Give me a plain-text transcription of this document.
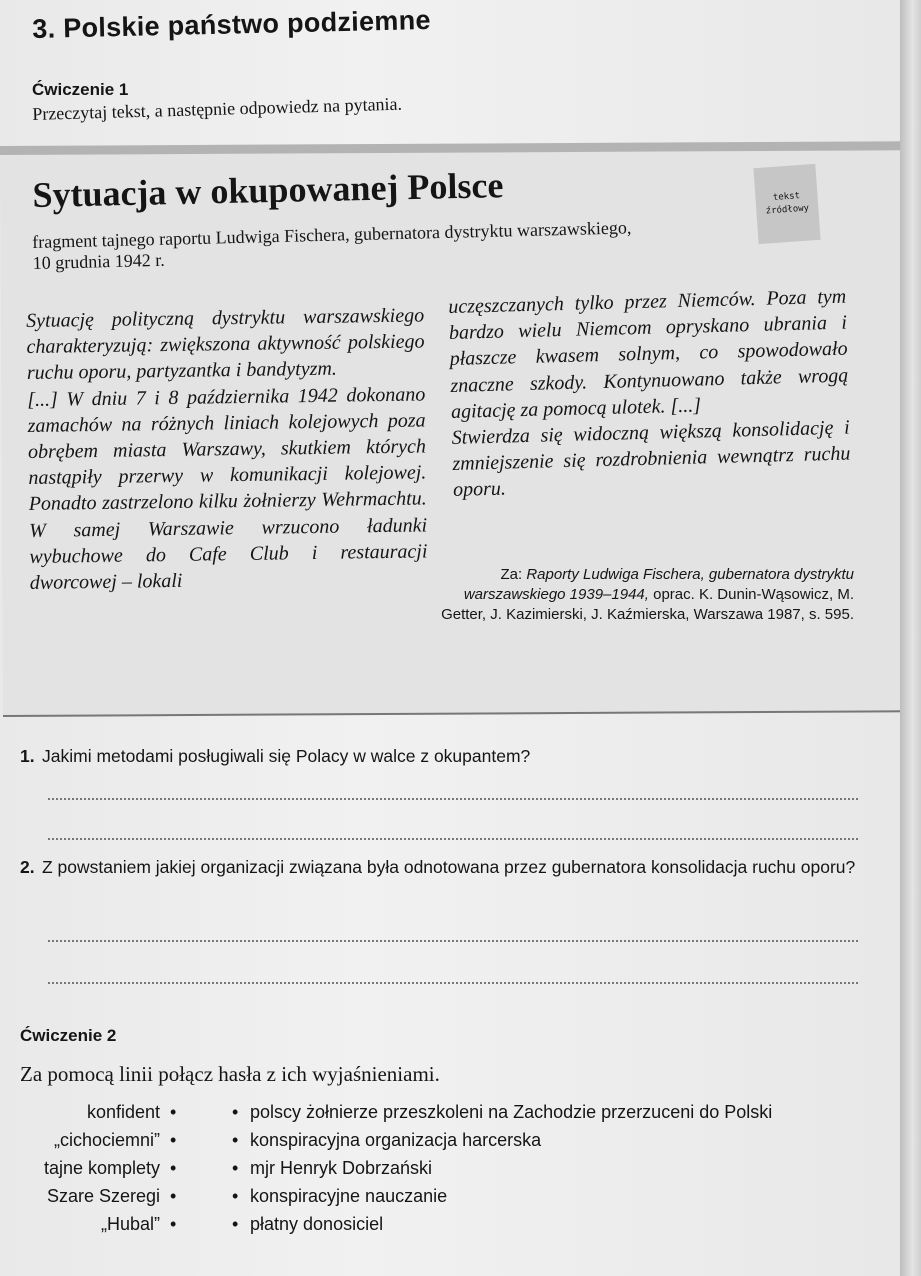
3. Polskie państwo podziemne
Ćwiczenie 1
Przeczytaj tekst, a następnie odpowiedz na pytania.
Sytuacja w okupowanej Polsce	tekst
źródłowy
fragment tajnego raportu Ludwiga Fischera, gubernatora dystryktu warszawskiego, 10 grudnia 1942 r.

Sytuację polityczną dystryktu warszawskiego charakteryzują: zwiększona aktywność polskiego ruchu oporu, partyzantka i bandytyzm.

[...] W dniu 7 i 8 października 1942 dokonano zamachów na różnych liniach kolejowych poza obrębem miasta Warszawy, skutkiem których nastąpiły przerwy w komunikacji kolejowej. Ponadto zastrzelono kilku żołnierzy Wehrmachtu. W samej Warszawie wrzucono ładunki wybuchowe do Cafe Club i restauracji dworcowej – lokali

uczęszczanych tylko przez Niemców. Poza tym bardzo wielu Niemcom opryskano ubrania i płaszcze kwasem solnym, co spowodowało znaczne szkody. Kontynuowano także wrogą agitację za pomocą ulotek. [...]

Stwierdza się widoczną większą konsolidację i zmniejszenie się rozdrobnienia wewnątrz ruchu oporu.

Za: Raporty Ludwiga Fischera, gubernatora dystryktu warszawskiego 1939–1944, oprac. K. Dunin-Wąsowicz, M. Getter, J. Kazimierski, J. Kaźmierska, Warszawa 1987, s. 595.
1. Jakimi metodami posługiwali się Polacy w walce z okupantem?
2. Z powstaniem jakiej organizacji związana była odnotowana przez gubernatora konsolidacja ruchu oporu?
Ćwiczenie 2
Za pomocą linii połącz hasła z ich wyjaśnieniami.
konfident •	• polscy żołnierze przeszkoleni na Zachodzie przerzuceni do Polski
„cichociemni” •	• konspiracyjna organizacja harcerska
tajne komplety •	• mjr Henryk Dobrzański
Szare Szeregi •	• konspiracyjne nauczanie
„Hubal” •	• płatny donosiciel
